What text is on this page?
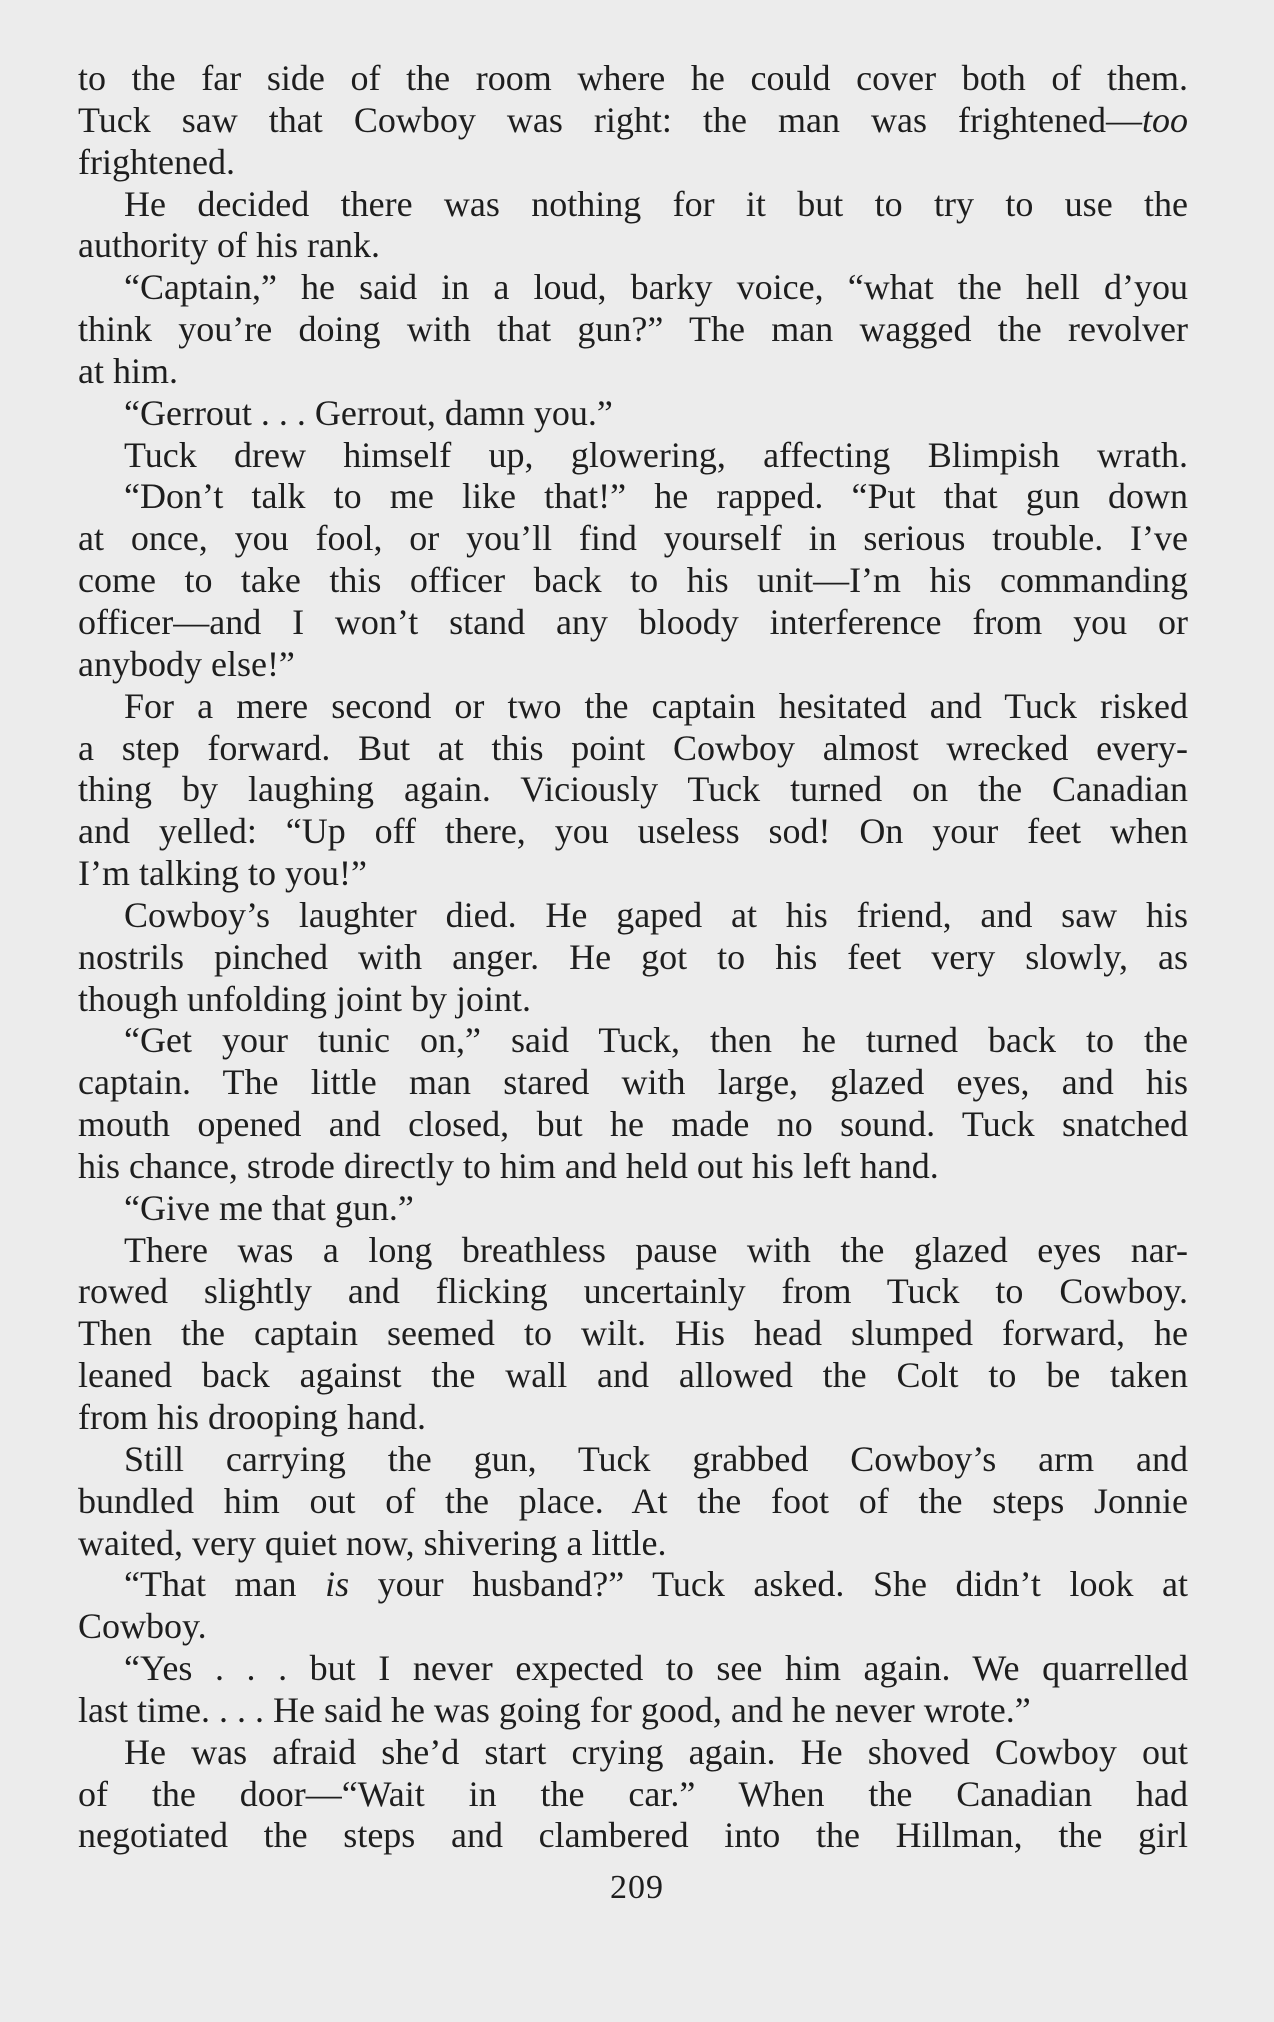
to the far side of the room where he could cover both of them.
Tuck saw that Cowboy was right: the man was frightened—too
frightened.
He decided there was nothing for it but to try to use the
authority of his rank.
“Captain,” he said in a loud, barky voice, “what the hell d’you
think you’re doing with that gun?” The man wagged the revolver
at him.
“Gerrout . . . Gerrout, damn you.”
Tuck drew himself up, glowering, affecting Blimpish wrath.
“Don’t talk to me like that!” he rapped. “Put that gun down
at once, you fool, or you’ll find yourself in serious trouble. I’ve
come to take this officer back to his unit—I’m his commanding
officer—and I won’t stand any bloody interference from you or
anybody else!”
For a mere second or two the captain hesitated and Tuck risked
a step forward. But at this point Cowboy almost wrecked every-
thing by laughing again. Viciously Tuck turned on the Canadian
and yelled: “Up off there, you useless sod! On your feet when
I’m talking to you!”
Cowboy’s laughter died. He gaped at his friend, and saw his
nostrils pinched with anger. He got to his feet very slowly, as
though unfolding joint by joint.
“Get your tunic on,” said Tuck, then he turned back to the
captain. The little man stared with large, glazed eyes, and his
mouth opened and closed, but he made no sound. Tuck snatched
his chance, strode directly to him and held out his left hand.
“Give me that gun.”
There was a long breathless pause with the glazed eyes nar-
rowed slightly and flicking uncertainly from Tuck to Cowboy.
Then the captain seemed to wilt. His head slumped forward, he
leaned back against the wall and allowed the Colt to be taken
from his drooping hand.
Still carrying the gun, Tuck grabbed Cowboy’s arm and
bundled him out of the place. At the foot of the steps Jonnie
waited, very quiet now, shivering a little.
“That man is your husband?” Tuck asked. She didn’t look at
Cowboy.
“Yes . . . but I never expected to see him again. We quarrelled
last time. . . . He said he was going for good, and he never wrote.”
He was afraid she’d start crying again. He shoved Cowboy out
of the door—“Wait in the car.” When the Canadian had
negotiated the steps and clambered into the Hillman, the girl
209
